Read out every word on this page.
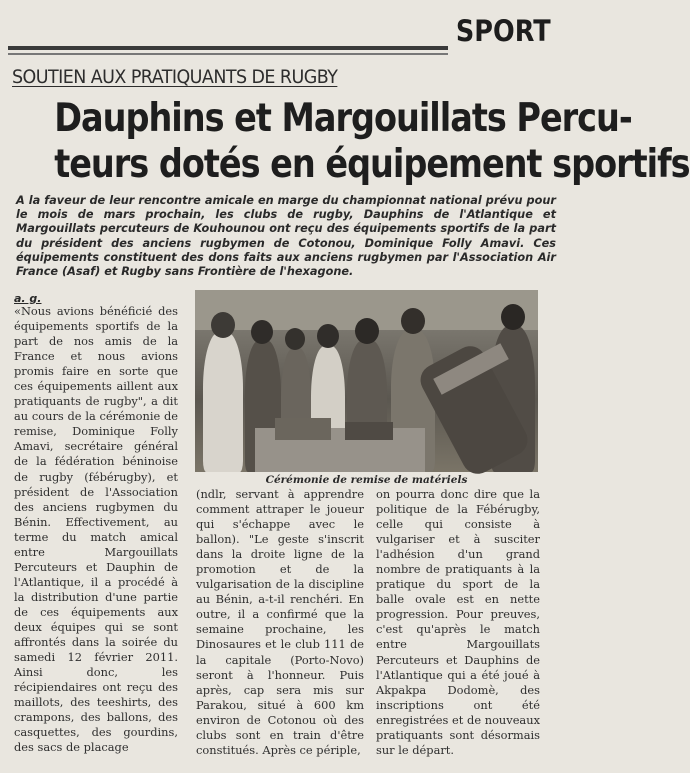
SPORT
SOUTIEN AUX PRATIQUANTS DE RUGBY
Dauphins et Margouillats Percu-
teurs dotés en équipement sportifs

A la faveur de leur rencontre amicale en marge du championnat national prévu pour le mois de mars prochain, les clubs de rugby, Dauphins de l'Atlantique et Margouillats percuteurs de Kouhounou ont reçu des équipements sportifs de la part du président des anciens rugbymen de Cotonou, Dominique Folly Amavi. Ces équipements constituent des dons faits aux anciens rugbymen par l'Association Air France (Asaf) et Rugby sans Frontière de l'hexagone.

a. g.
Cérémonie de remise de matériels
«Nous avions bénéficié des équipements sportifs de la part de nos amis de la France et nous avions promis faire en sorte que ces équipements aillent aux pratiquants de rugby", a dit au cours de la cérémonie de remise, Dominique Folly Amavi, secrétaire général de la fédération béninoise de rugby (fébérugby), et président de l'Association des anciens rugbymen du Bénin. Effectivement, au terme du match amical entre Margouillats Percuteurs et Dauphin de l'Atlantique, il a procédé à la distribution d'une partie de ces équipements aux deux équipes qui se sont affrontés dans la soirée du samedi 12 février 2011. Ainsi donc, les récipiendaires ont reçu des maillots, des teeshirts, des crampons, des ballons, des casquettes, des gourdins, des sacs de placage
(ndlr, servant à apprendre comment attraper le joueur qui s'échappe avec le ballon). "Le geste s'inscrit dans la droite ligne de la promotion et de la vulgarisation de la discipline au Bénin, a-t-il renchéri. En outre, il a confirmé que la semaine prochaine, les Dinosaures et le club 111 de la capitale (Porto-Novo) seront à l'honneur. Puis après, cap sera mis sur Parakou, situé à 600 km environ de Cotonou où des clubs sont en train d'être constitués. Après ce périple,
on pourra donc dire que la politique de la Fébérugby, celle qui consiste à vulgariser et à susciter l'adhésion d'un grand nombre de pratiquants à la pratique du sport de la balle ovale est en nette progression. Pour preuves, c'est qu'après le match entre Margouillats Percuteurs et Dauphins de l'Atlantique qui a été joué à Akpakpa Dodomè, des inscriptions ont été enregistrées et de nouveaux pratiquants sont désormais sur le départ.
